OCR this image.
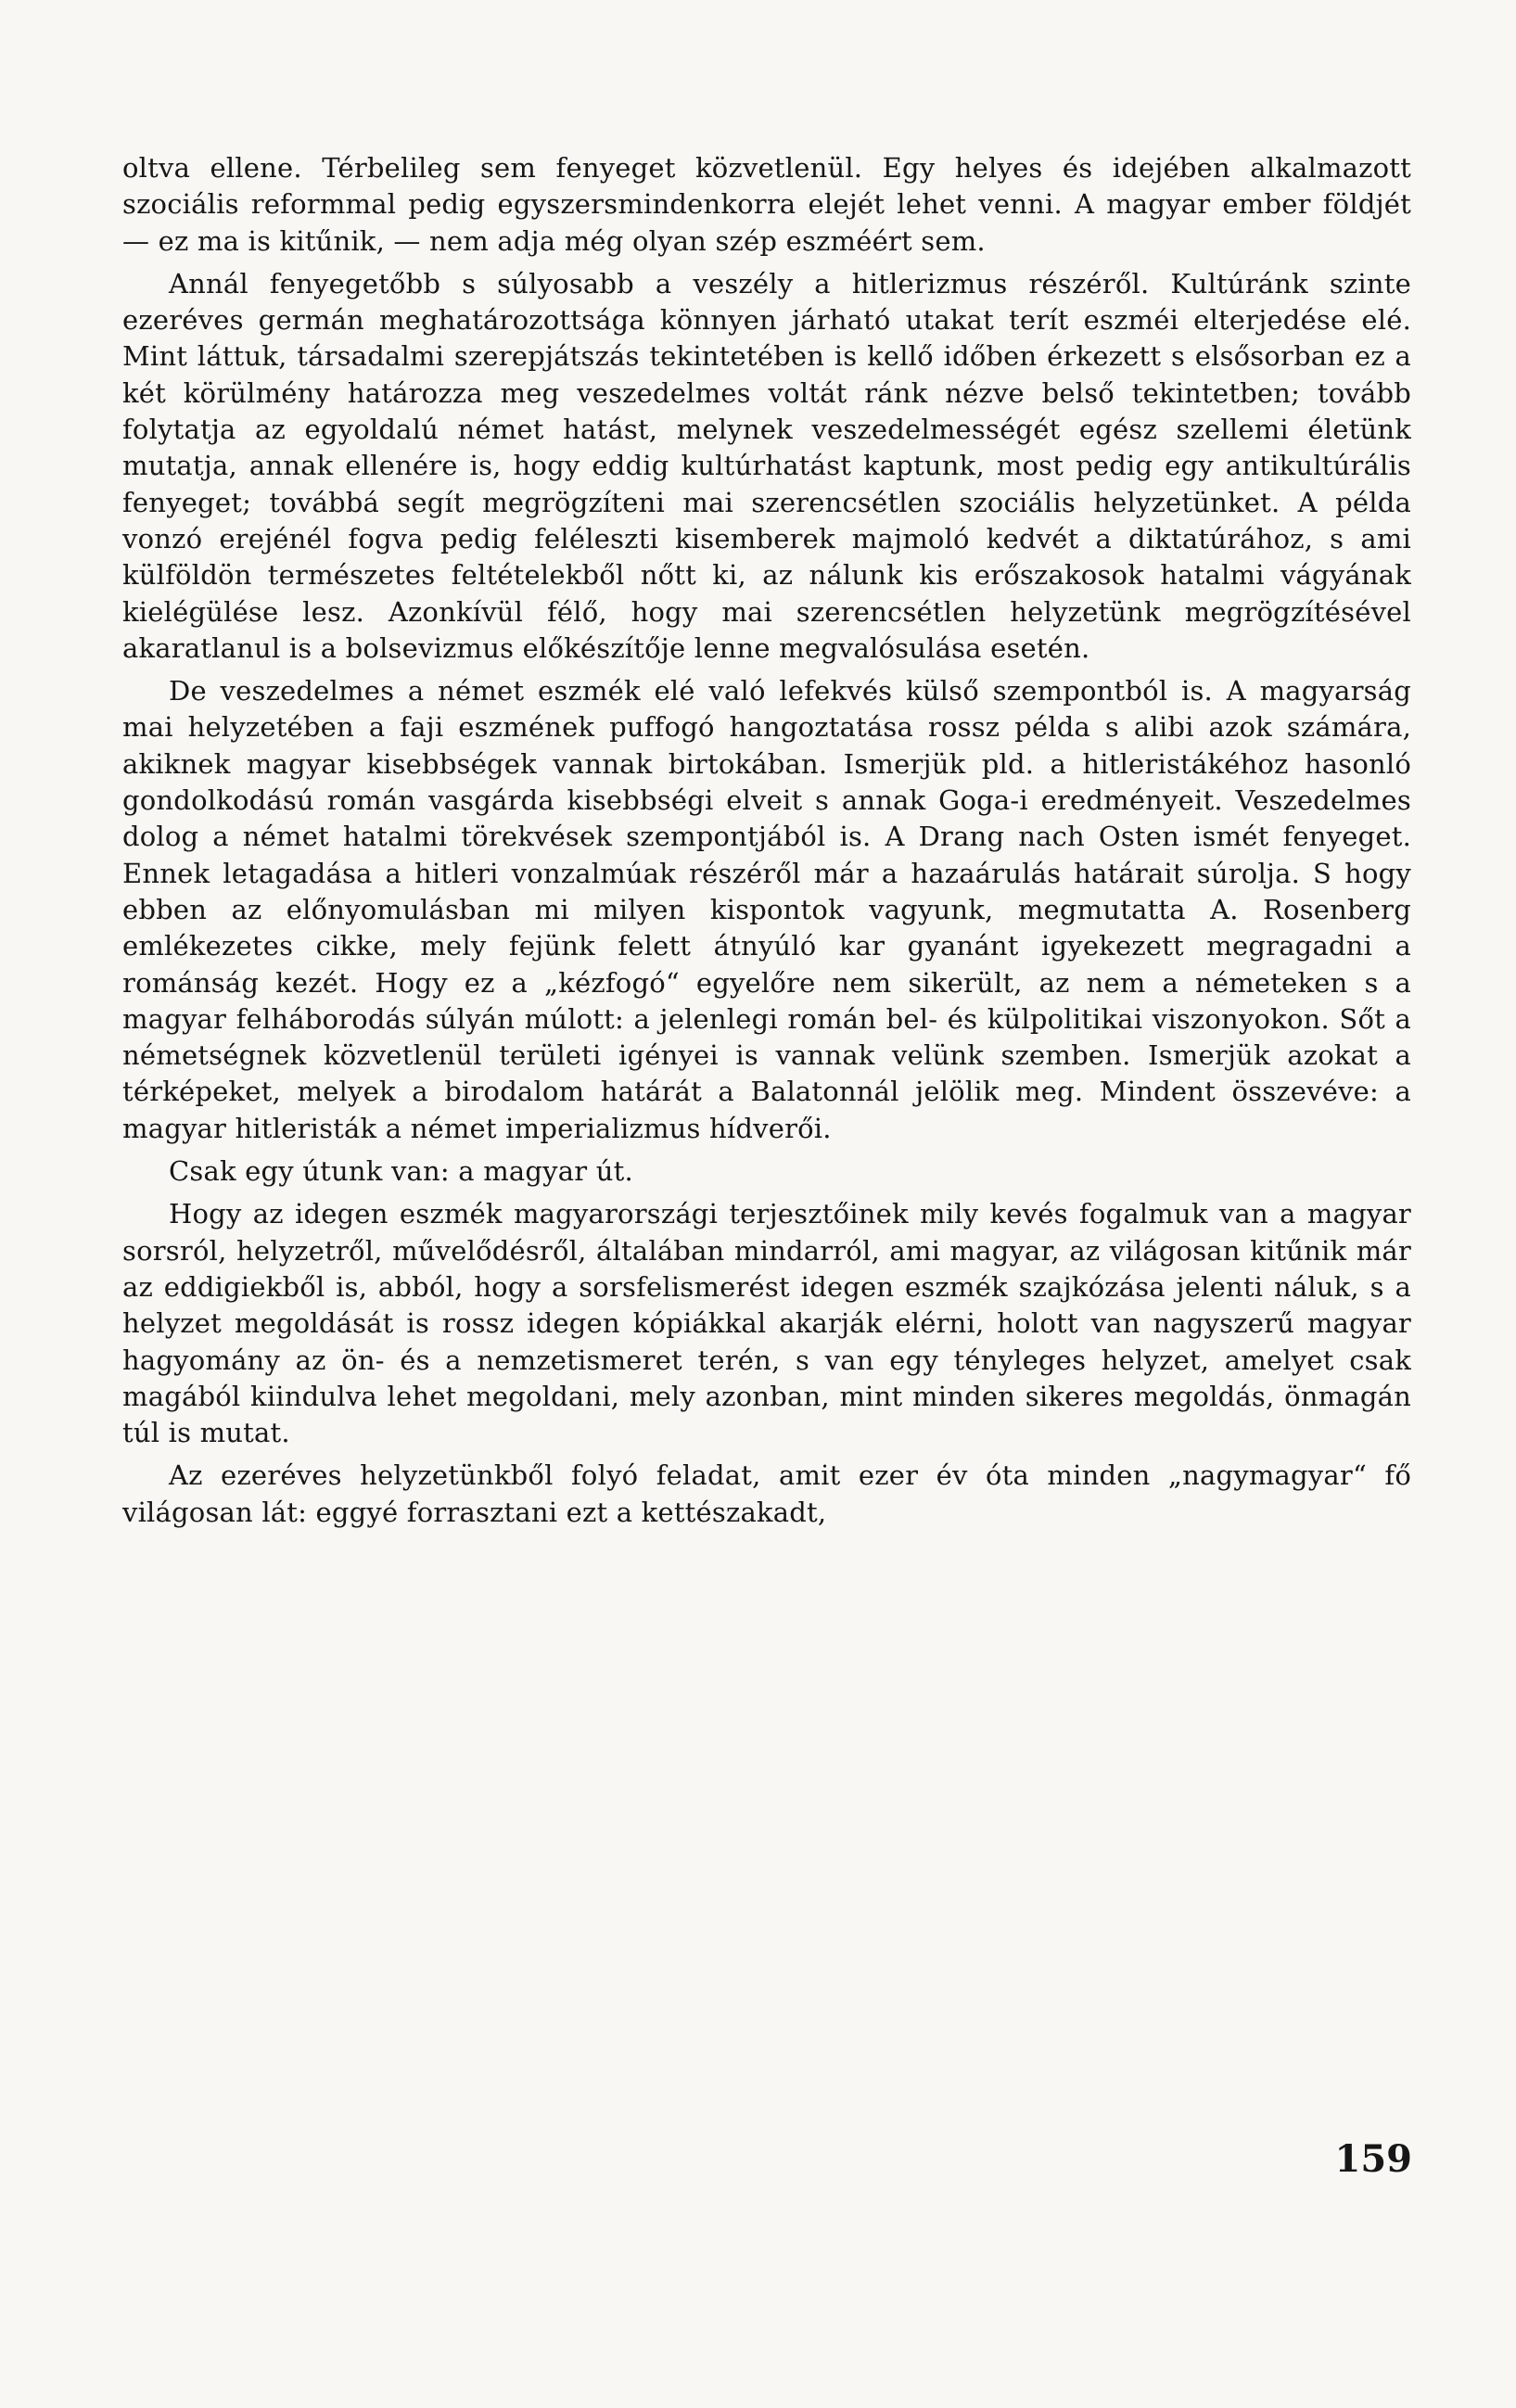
oltva ellene. Térbelileg sem fenyeget közvetlenül. Egy helyes és idejében alkalmazott szociális reformmal pedig egyszersmindenkorra elejét lehet venni. A magyar ember földjét — ez ma is kitűnik, — nem adja még olyan szép eszméért sem.

Annál fenyegetőbb s súlyosabb a veszély a hitlerizmus részéről. Kultúránk szinte ezeréves germán meghatározottsága könnyen járható utakat terít eszméi elterjedése elé. Mint láttuk, társadalmi szerepjátszás tekintetében is kellő időben érkezett s elsősorban ez a két körülmény határozza meg veszedelmes voltát ránk nézve belső tekintetben; tovább folytatja az egyoldalú német hatást, melynek veszedelmességét egész szellemi életünk mutatja, annak ellenére is, hogy eddig kultúrhatást kaptunk, most pedig egy antikultúrális fenyeget; továbbá segít megrögzíteni mai szerencsétlen szociális helyzetünket. A példa vonzó erejénél fogva pedig feléleszti kisemberek majmoló kedvét a diktatúrához, s ami külföldön természetes feltételekből nőtt ki, az nálunk kis erőszakosok hatalmi vágyának kielégülése lesz. Azonkívül félő, hogy mai szerencsétlen helyzetünk megrögzítésével akaratlanul is a bolsevizmus előkészítője lenne megvalósulása esetén.

De veszedelmes a német eszmék elé való lefekvés külső szempontból is. A magyarság mai helyzetében a faji eszmének puffogó hangoztatása rossz példa s alibi azok számára, akiknek magyar kisebbségek vannak birtokában. Ismerjük pld. a hitleristákéhoz hasonló gondolkodású román vasgárda kisebbségi elveit s annak Goga-i eredményeit. Veszedelmes dolog a német hatalmi törekvések szempontjából is. A Drang nach Osten ismét fenyeget. Ennek letagadása a hitleri vonzalmúak részéről már a hazaárulás határait súrolja. S hogy ebben az előnyomulásban mi milyen kispontok vagyunk, megmutatta A. Rosenberg emlékezetes cikke, mely fejünk felett átnyúló kar gyanánt igyekezett megragadni a románság kezét. Hogy ez a „kézfogó“ egyelőre nem sikerült, az nem a németeken s a magyar felháborodás súlyán múlott: a jelenlegi román bel- és külpolitikai viszonyokon. Sőt a németségnek közvetlenül területi igényei is vannak velünk szemben. Ismerjük azokat a térképeket, melyek a birodalom határát a Balatonnál jelölik meg. Mindent összevéve: a magyar hitleristák a német imperializmus hídverői.

Csak egy útunk van: a magyar út.

Hogy az idegen eszmék magyarországi terjesztőinek mily kevés fogalmuk van a magyar sorsról, helyzetről, művelődésről, általában mindarról, ami magyar, az világosan kitűnik már az eddigiekből is, abból, hogy a sorsfelismerést idegen eszmék szajkózása jelenti náluk, s a helyzet megoldását is rossz idegen kópiákkal akarják elérni, holott van nagyszerű magyar hagyomány az ön- és a nemzetismeret terén, s van egy tényleges helyzet, amelyet csak magából kiindulva lehet megoldani, mely azonban, mint minden sikeres megoldás, önmagán túl is mutat.

Az ezeréves helyzetünkből folyó feladat, amit ezer év óta minden „nagymagyar“ fő világosan lát: eggyé forrasztani ezt a kettészakadt,

159
